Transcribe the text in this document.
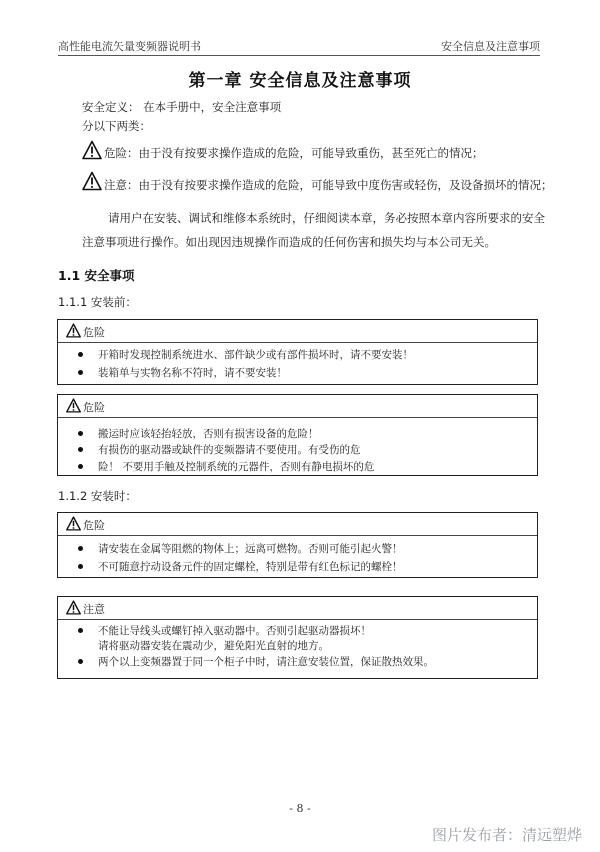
高性能电流矢量变频器说明书	安全信息及注意事项
第一章 安全信息及注意事项
安全定义： 在本手册中，安全注意事项
分以下两类：
危险：由于没有按要求操作造成的危险，可能导致重伤，甚至死亡的情况；
注意：由于没有按要求操作造成的危险，可能导致中度伤害或轻伤，及设备损坏的情况；
请用户在安装、调试和维修本系统时，仔细阅读本章，务必按照本章内容所要求的安全
注意事项进行操作。如出现因违规操作而造成的任何伤害和损失均与本公司无关。
1.1 安全事项
1.1.1 安装前：
危险
开箱时发现控制系统进水、部件缺少或有部件损坏时，请不要安装！
装箱单与实物名称不符时，请不要安装！
危险
搬运时应该轻抬轻放，否则有损害设备的危险！
有损伤的驱动器或缺件的变频器请不要使用。有受伤的危
险！ 不要用手触及控制系统的元器件，否则有静电损坏的危
1.1.2 安装时：
危险
请安装在金属等阻燃的物体上；远离可燃物。否则可能引起火警！
不可随意拧动设备元件的固定螺栓，特别是带有红色标记的螺栓！
注意
不能让导线头或螺钉掉入驱动器中。否则引起驱动器损坏！
请将驱动器安装在震动少，避免阳光直射的地方。
两个以上变频器置于同一个柜子中时，请注意安装位置，保证散热效果。
- 8 -
图片发布者：清远塑烨
